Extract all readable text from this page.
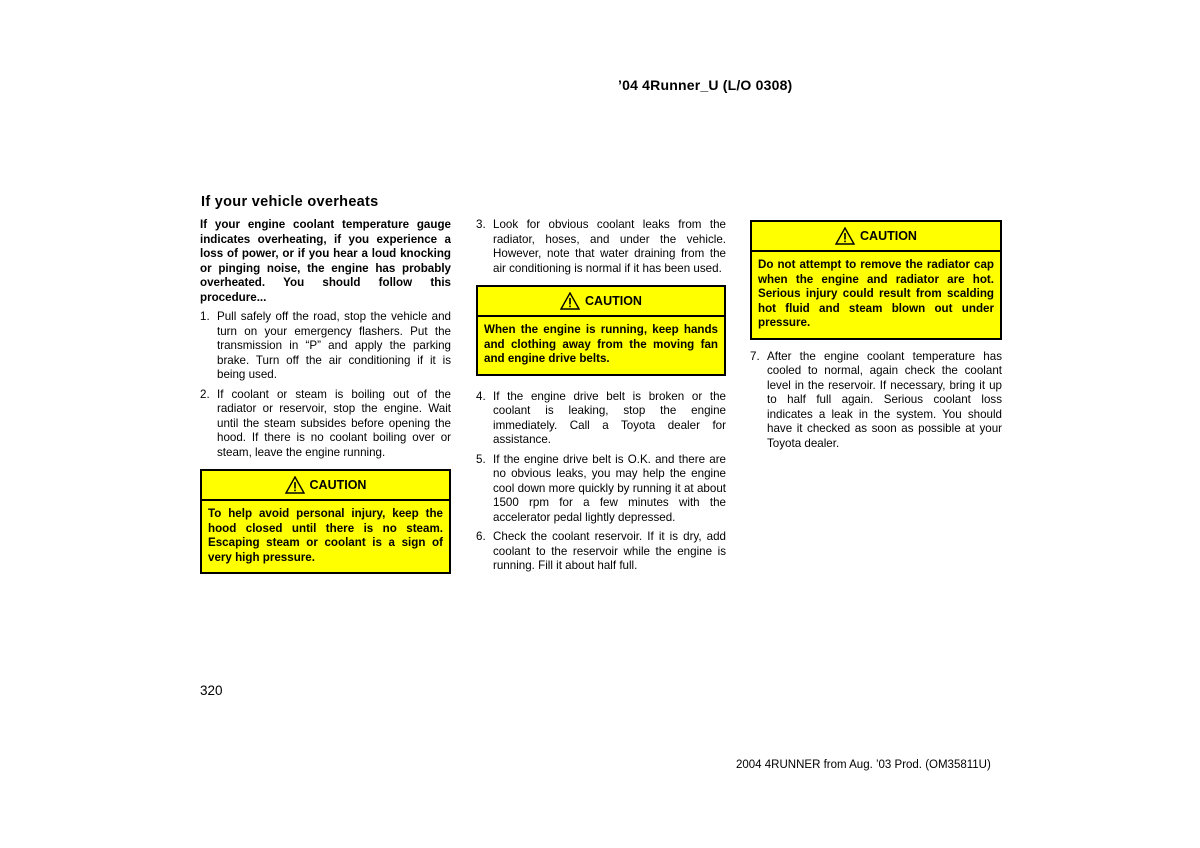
’04 4Runner_U (L/O 0308)
If your vehicle overheats

If your engine coolant temperature gauge indicates overheating, if you experience a loss of power, or if you hear a loud knocking or pinging noise, the engine has probably overheated. You should follow this procedure...

1. Pull safely off the road, stop the vehicle and turn on your emergency flashers. Put the transmission in “P” and apply the parking brake. Turn off the air conditioning if it is being used.
2. If coolant or steam is boiling out of the radiator or reservoir, stop the engine. Wait until the steam subsides before opening the hood. If there is no coolant boiling over or steam, leave the engine running.
CAUTION
To help avoid personal injury, keep the hood closed until there is no steam. Escaping steam or coolant is a sign of very high pressure.
3. Look for obvious coolant leaks from the radiator, hoses, and under the vehicle. However, note that water draining from the air conditioning is normal if it has been used.
CAUTION
When the engine is running, keep hands and clothing away from the moving fan and engine drive belts.
4. If the engine drive belt is broken or the coolant is leaking, stop the engine immediately. Call a Toyota dealer for assistance.
5. If the engine drive belt is O.K. and there are no obvious leaks, you may help the engine cool down more quickly by running it at about 1500 rpm for a few minutes with the accelerator pedal lightly depressed.
6. Check the coolant reservoir. If it is dry, add coolant to the reservoir while the engine is running. Fill it about half full.
CAUTION
Do not attempt to remove the radiator cap when the engine and radiator are hot. Serious injury could result from scalding hot fluid and steam blown out under pressure.
7. After the engine coolant temperature has cooled to normal, again check the coolant level in the reservoir. If necessary, bring it up to half full again. Serious coolant loss indicates a leak in the system. You should have it checked as soon as possible at your Toyota dealer.
320
2004 4RUNNER from Aug. ’03 Prod. (OM35811U)
